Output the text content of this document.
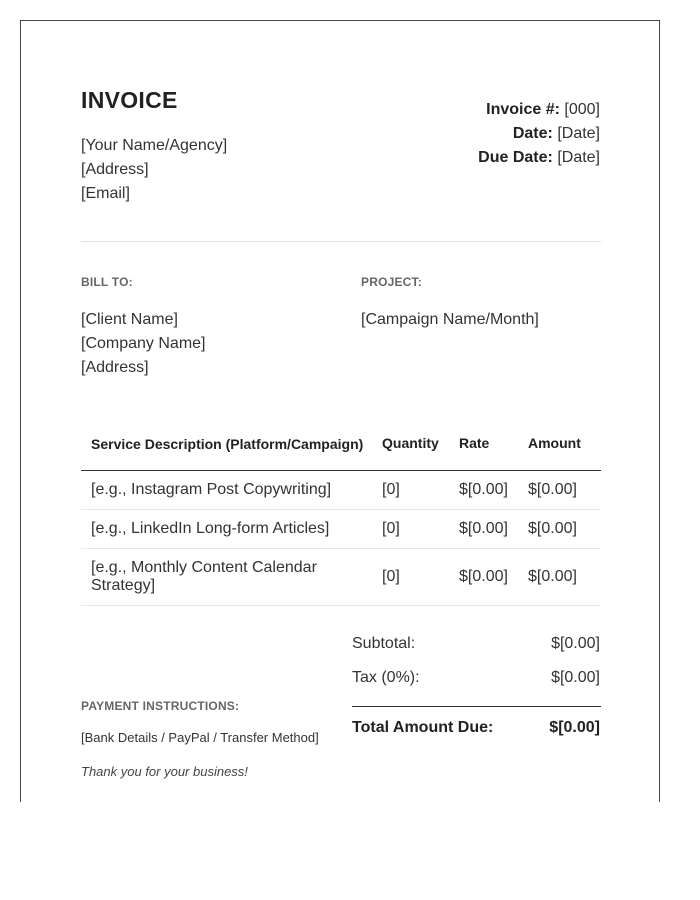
INVOICE
[Your Name/Agency]
[Address]
[Email]
Invoice #: [000]
Date: [Date]
Due Date: [Date]
BILL TO:	PROJECT:
[Client Name]
[Company Name]
[Address]
[Campaign Name/Month]
Service Description (Platform/Campaign)	Quantity	Rate	Amount
[e.g., Instagram Post Copywriting]	[0]	$[0.00]	$[0.00]
[e.g., LinkedIn Long-form Articles]	[0]	$[0.00]	$[0.00]
[e.g., Monthly Content Calendar Strategy]	[0]	$[0.00]	$[0.00]
Subtotal:	$[0.00]
Tax (0%):	$[0.00]
Total Amount Due:	$[0.00]
PAYMENT INSTRUCTIONS:
[Bank Details / PayPal / Transfer Method]
Thank you for your business!
